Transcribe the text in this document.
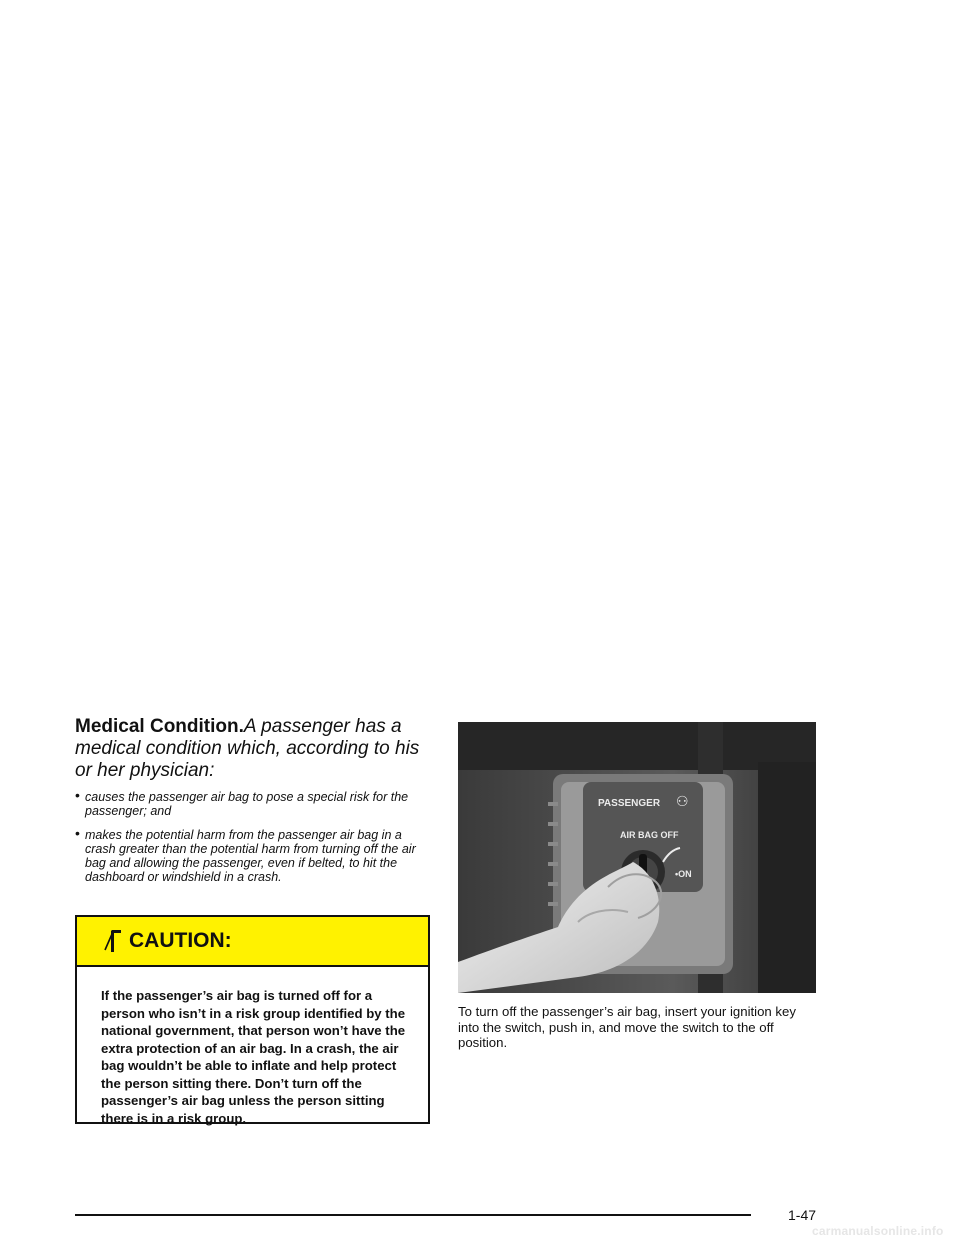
Medical Condition.A passenger has a medical condition which, according to his or her physician:

• causes the passenger air bag to pose a special risk for the passenger; and
• makes the potential harm from the passenger air bag in a crash greater than the potential harm from turning off the air bag and allowing the passenger, even if belted, to hit the dashboard or windshield in a crash.
CAUTION:
If the passenger’s air bag is turned off for a person who isn’t in a risk group identified by the national government, that person won’t have the extra protection of an air bag. In a crash, the air bag wouldn’t be able to inflate and help protect the person sitting there. Don’t turn off the passenger’s air bag unless the person sitting there is in a risk group.
PASSENGER ⚇
AIR BAG OFF
•ON

To turn off the passenger’s air bag, insert your ignition key into the switch, push in, and move the switch to the off position.

1-47
carmanualsonline.info
